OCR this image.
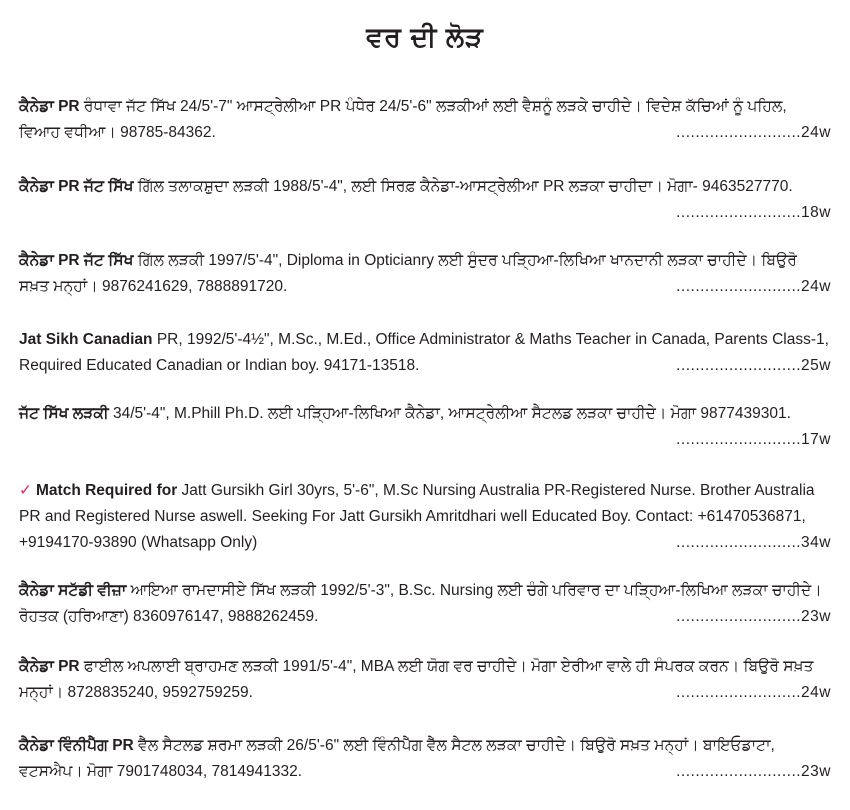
ਵਰ ਦੀ ਲੋੜ
ਕੈਨੇਡਾ PR ਰੰਧਾਵਾ ਜੱਟ ਸਿੱਖ 24/5'-7" ਆਸਟ੍ਰੇਲੀਆ PR ਪੰਧੇਰ 24/5'-6" ਲੜਕੀਆਂ ਲਈ ਵੈਸ਼ਨੂੰ ਲੜਕੇ ਚਾਹੀਦੇ। ਵਿਦੇਸ਼ ਕੱਚਿਆਂ ਨੂੰ ਪਹਿਲ, ਵਿਆਹ ਵਧੀਆ। 98785-84362.	..........................24w
ਕੈਨੇਡਾ PR ਜੱਟ ਸਿੱਖ ਗਿੱਲ ਤਲਾਕਸ਼ੁਦਾ ਲੜਕੀ 1988/5'-4", ਲਈ ਸਿਰਫ਼ ਕੈਨੇਡਾ-ਆਸਟ੍ਰੇਲੀਆ PR ਲੜਕਾ ਚਾਹੀਦਾ। ਮੋਗਾ- 9463527770.
..........................18w
ਕੈਨੇਡਾ PR ਜੱਟ ਸਿੱਖ ਗਿੱਲ ਲੜਕੀ 1997/5'-4", Diploma in Opticianry ਲਈ ਸੁੰਦਰ ਪੜ੍ਹਿਆ-ਲਿਖਿਆ ਖਾਨਦਾਨੀ ਲੜਕਾ ਚਾਹੀਦੇ। ਬਿਉਰੋ ਸਖ਼ਤ ਮਨ੍ਹਾਂ। 9876241629, 7888891720.	..........................24w
Jat Sikh Canadian PR, 1992/5'-4½", M.Sc., M.Ed., Office Administrator & Maths Teacher in Canada, Parents Class-1, Required Educated Canadian or Indian boy. 94171-13518.	..........................25w
ਜੱਟ ਸਿੱਖ ਲੜਕੀ 34/5'-4", M.Phill Ph.D. ਲਈ ਪੜ੍ਹਿਆ-ਲਿਖਿਆ ਕੈਨੇਡਾ, ਆਸਟ੍ਰੇਲੀਆ ਸੈਟਲਡ ਲੜਕਾ ਚਾਹੀਦੇ। ਮੋਗਾ 9877439301.
..........................17w
✓ Match Required for Jatt Gursikh Girl 30yrs, 5'-6", M.Sc Nursing Australia PR-Registered Nurse. Brother Australia PR and Registered Nurse aswell. Seeking For Jatt Gursikh Amritdhari well Educated Boy. Contact: +61470536871, +9194170-93890 (Whatsapp Only)	..........................34w
ਕੈਨੇਡਾ ਸਟੱਡੀ ਵੀਜ਼ਾ ਆਇਆ ਰਾਮਦਾਸੀਏ ਸਿੱਖ ਲੜਕੀ 1992/5'-3", B.Sc. Nursing ਲਈ ਚੰਗੇ ਪਰਿਵਾਰ ਦਾ ਪੜ੍ਹਿਆ-ਲਿਖਿਆ ਲੜਕਾ ਚਾਹੀਦੇ। ਰੋਹਤਕ (ਹਰਿਆਣਾ) 8360976147, 9888262459.	..........................23w
ਕੈਨੇਡਾ PR ਫਾਈਲ ਅਪਲਾਈ ਬ੍ਰਾਹਮਣ ਲੜਕੀ 1991/5'-4", MBA ਲਈ ਯੋਗ ਵਰ ਚਾਹੀਦੇ। ਮੋਗਾ ਏਰੀਆ ਵਾਲੇ ਹੀ ਸੰਪਰਕ ਕਰਨ। ਬਿਉਰੋ ਸਖ਼ਤ ਮਨ੍ਹਾਂ। 8728835240, 9592759259.	..........................24w
ਕੈਨੇਡਾ ਵਿੰਨੀਪੈੱਗ PR ਵੈੱਲ ਸੈਟਲਡ ਸ਼ਰਮਾ ਲੜਕੀ 26/5'-6" ਲਈ ਵਿੰਨੀਪੈੱਗ ਵੈੱਲ ਸੈਟਲ ਲੜਕਾ ਚਾਹੀਦੇ। ਬਿਉਰੋ ਸਖ਼ਤ ਮਨ੍ਹਾਂ। ਬਾਇਓਡਾਟਾ, ਵਟਸਐਪ। ਮੋਗਾ 7901748034, 7814941332.	..........................23w
